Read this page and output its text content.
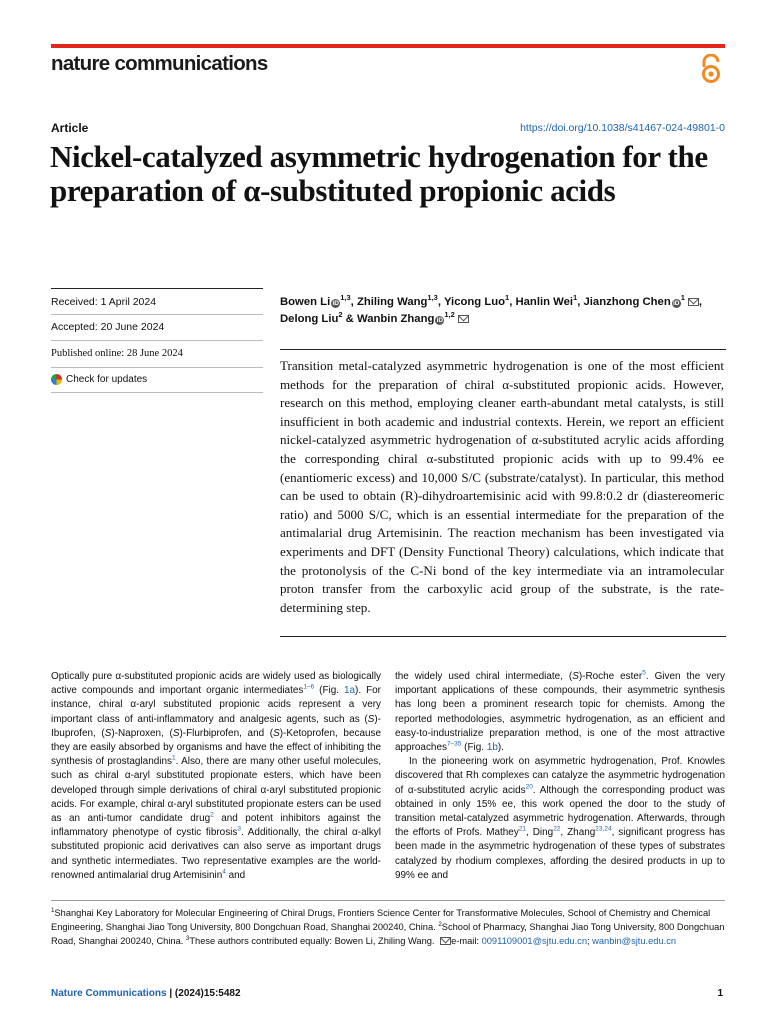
nature communications
Article	https://doi.org/10.1038/s41467-024-49801-0
Nickel-catalyzed asymmetric hydrogenation for the preparation of α-substituted propionic acids
Received: 1 April 2024
Accepted: 20 June 2024
Published online: 28 June 2024
Check for updates
Bowen Li iD$^{1,3}$, Zhiling Wang$^{1,3}$, Yicong Luo$^1$, Hanlin Wei$^1$, Jianzhong Chen $iD^1$ , Delong Liu$^2$ & Wanbin Zhang iD$^{1,2}$
Transition metal-catalyzed asymmetric hydrogenation is one of the most efficient methods for the preparation of chiral α-substituted propionic acids. However, research on this method, employing cleaner earth-abundant metal catalysts, is still insufficient in both academic and industrial contexts. Herein, we report an efficient nickel-catalyzed asymmetric hydrogenation of α-substituted acrylic acids affording the corresponding chiral α-substituted propionic acids with up to 99.4% ee (enantiomeric excess) and 10,000 S/C (substrate/catalyst). In particular, this method can be used to obtain (R)-dihydroartemisinic acid with 99.8:0.2 dr (diastereomeric ratio) and 5000 S/C, which is an essential intermediate for the preparation of the antimalarial drug Artemisinin. The reaction mechanism has been investigated via experiments and DFT (Density Functional Theory) calculations, which indicate that the protonolysis of the C-Ni bond of the key intermediate via an intramolecular proton transfer from the carboxylic acid group of the substrate, is the rate-determining step.

Optically pure α-substituted propionic acids are widely used as biologically active compounds and important organic intermediates$^{1-6}$ (Fig. 1a). For instance, chiral α-aryl substituted propionic acids represent a very important class of anti-inflammatory and analgesic agents, such as (S)-Ibuprofen, (S)-Naproxen, (S)-Flurbiprofen, and (S)-Ketoprofen, because they are easily absorbed by organisms and have the effect of inhibiting the synthesis of prostaglandins$^1$. Also, there are many other useful molecules, such as chiral α-aryl substituted propionate esters, which have been developed through simple derivations of chiral α-aryl substituted propionic acids. For example, chiral α-aryl substituted propionate esters can be used as an anti-tumor candidate drug$^2$ and potent inhibitors against the inflammatory phenotype of cystic fibrosis$^3$. Additionally, the chiral α-alkyl substituted propionic acid derivatives can also serve as important drugs and synthetic intermediates. Two representative examples are the world-renowned antimalarial drug Artemisinin$^4$ and

the widely used chiral intermediate, (S)-Roche ester$^5$. Given the very important applications of these compounds, their asymmetric synthesis has long been a prominent research topic for chemists. Among the reported methodologies, asymmetric hydrogenation, as an efficient and easy-to-industrialize preparation method, is one of the most attractive approaches$^{7-35}$ (Fig. 1b).

In the pioneering work on asymmetric hydrogenation, Prof. Knowles discovered that Rh complexes can catalyze the asymmetric hydrogenation of α-substituted acrylic acids$^{20}$. Although the corresponding product was obtained in only 15% ee, this work opened the door to the study of transition metal-catalyzed asymmetric hydrogenation. Afterwards, through the efforts of Profs. Mathey$^{21}$, Ding$^{22}$, Zhang$^{23,24}$, significant progress has been made in the asymmetric hydrogenation of these types of substrates catalyzed by rhodium complexes, affording the desired products in up to 99% ee and

$^1$Shanghai Key Laboratory for Molecular Engineering of Chiral Drugs, Frontiers Science Center for Transformative Molecules, School of Chemistry and Chemical Engineering, Shanghai Jiao Tong University, 800 Dongchuan Road, Shanghai 200240, China. $^2$School of Pharmacy, Shanghai Jiao Tong University, 800 Dongchuan Road, Shanghai 200240, China. $^3$These authors contributed equally: Bowen Li, Zhiling Wang. e-mail: 0091109001@sjtu.edu.cn; wanbin@sjtu.edu.cn
Nature Communications | (2024)15:5482	1
